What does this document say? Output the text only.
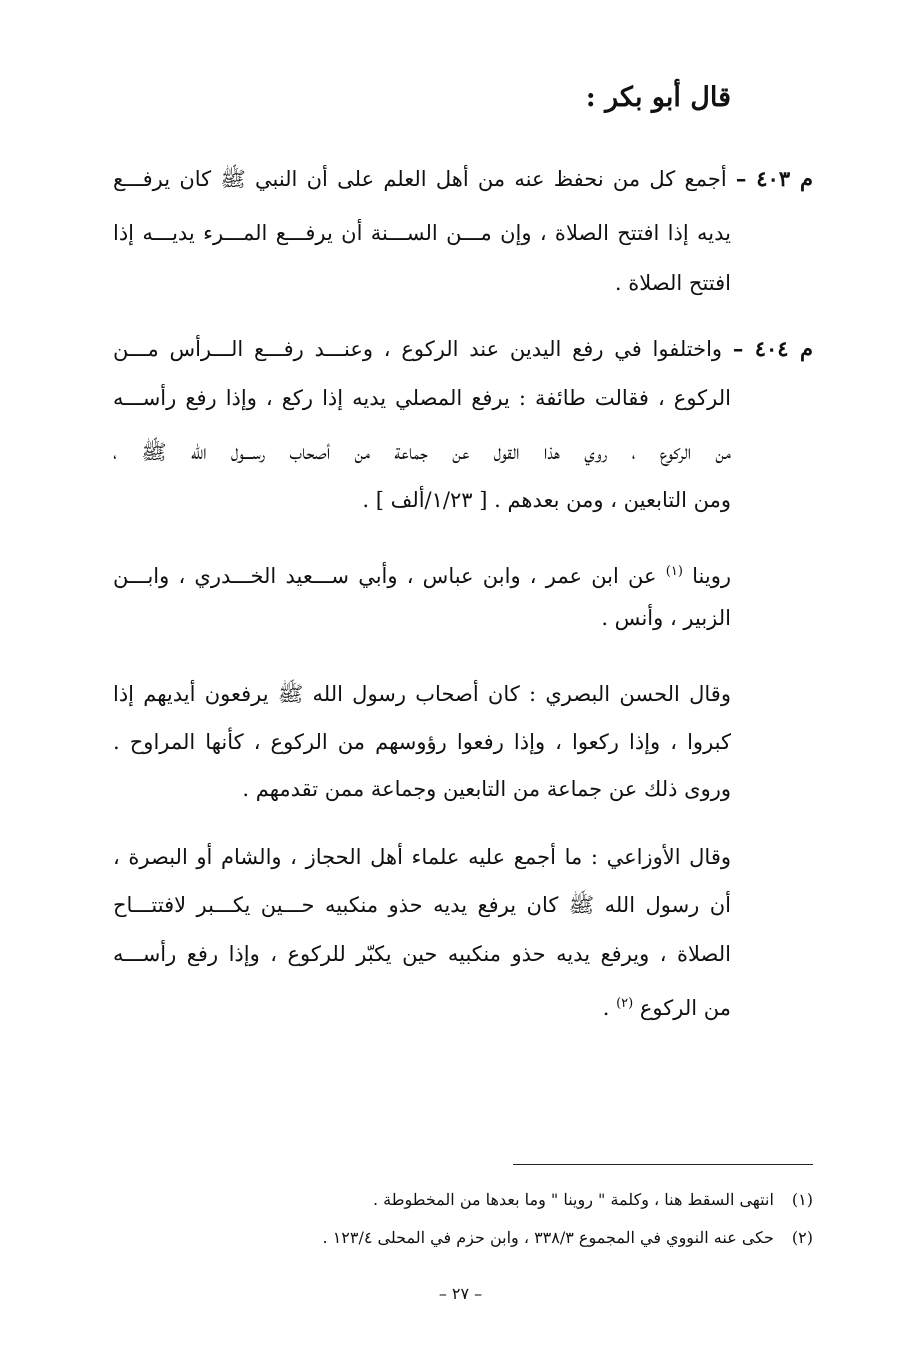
قال أبو بكر :
م ٤٠٣ – أجمع كل من نحفظ عنه من أهل العلم على أن النبي ﷺ كان يرفـــع
يديه إذا افتتح الصلاة ، وإن مـــن الســـنة أن يرفـــع المـــرء يديـــه إذا
افتتح الصلاة .
م ٤٠٤ – واختلفوا في رفع اليدين عند الركوع ، وعنـــد رفـــع الـــرأس مـــن
الركوع ، فقالت طائفة : يرفع المصلي يديه إذا ركع ، وإذا رفع رأســـه
من الركوع ، روي هذا القول عن جماعة من أصحاب رســـول الله ﷺ ،
ومن التابعين ، ومن بعدهم . [ ١/٢٣/ألف ] .
روينا $^{(١)}$ عن ابن عمر ، وابن عباس ، وأبي ســـعيد الخـــدري ، وابـــن
الزبير ، وأنس .
وقال الحسن البصري : كان أصحاب رسول الله ﷺ يرفعون أيديهم إذا
كبروا ، وإذا ركعوا ، وإذا رفعوا رؤوسهم من الركوع ، كأنها المراوح .
وروى ذلك عن جماعة من التابعين وجماعة ممن تقدمهم .
وقال الأوزاعي : ما أجمع عليه علماء أهل الحجاز ، والشام أو البصرة ،
أن رسول الله ﷺ كان يرفع يديه حذو منكبيه حـــين يكـــبر لافتتـــاح
الصلاة ، ويرفع يديه حذو منكبيه حين يكبّر للركوع ، وإذا رفع رأســـه
من الركوع $^{(٢)}$ .
(١) انتهى السقط هنا ، وكلمة " روينا " وما بعدها من المخطوطة .
(٢) حكى عنه النووي في المجموع ٣٣٨/٣ ، وابن حزم في المحلى ١٢٣/٤ .
– ٢٧ –
